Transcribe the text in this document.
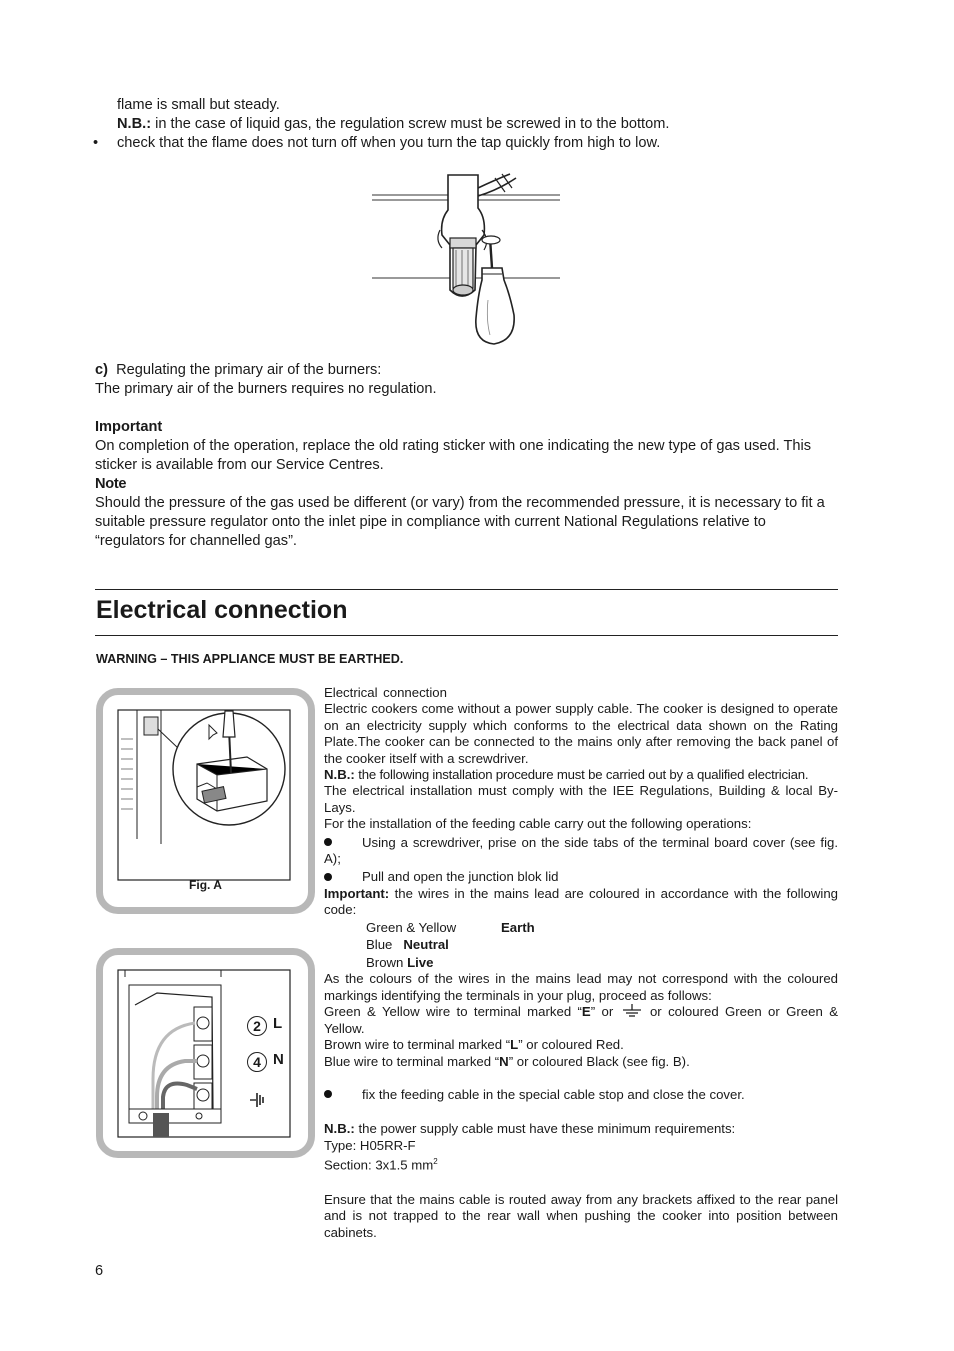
flame is small but steady.
N.B.: in the case of liquid gas, the regulation screw must be screwed in to the bottom.
• check that the flame does not turn off when you turn the tap quickly from high to low.
c) Regulating the primary air of the burners:
The primary air of the burners requires no regulation.
Important
On completion of the operation, replace the old rating sticker with one indicating the new type of gas used. This sticker is available from our Service Centres.
Note
Should the pressure of the gas used be different (or vary) from the recommended pressure, it is necessary to fit a suitable pressure regulator onto the inlet pipe in compliance with current National Regulations relative to “regulators for channelled gas”.
Electrical connection
WARNING – THIS APPLIANCE MUST BE EARTHED.
Fig. A
2 L
4 N
Electrical connection
Electric cookers come without a power supply cable. The cooker is designed to operate on an electricity supply which conforms to the electrical data shown on the Rating Plate.The cooker can be connected to the mains only after removing the back panel of the cooker itself with a screwdriver.
N.B.: the following installation procedure must be carried out by a qualified electrician.
The electrical installation must comply with the IEE Regulations, Building & local By-Lays.
For the installation of the feeding cable carry out the following operations:
Using a screwdriver, prise on the side tabs of the terminal board cover (see fig. A);
Pull and open the junction blok lid
Important: the wires in the mains lead are coloured in accordance with the following code:
Green & Yellow	Earth
Blue Neutral
Brown Live
As the colours of the wires in the mains lead may not correspond with the coloured markings identifying the terminals in your plug, proceed as follows:
Green & Yellow wire to terminal marked “E” or  or coloured Green or Green & Yellow.
Brown wire to terminal marked “L” or coloured Red.
Blue wire to terminal marked “N” or coloured Black (see fig. B).
fix the feeding cable in the special cable stop and close the cover.
N.B.: the power supply cable must have these minimum requirements:
Type: H05RR-F
Section: 3x1.5 $mm^2$
Ensure that the mains cable is routed away from any brackets affixed to the rear panel and is not trapped to the rear wall when pushing the cooker into position between cabinets.
6
